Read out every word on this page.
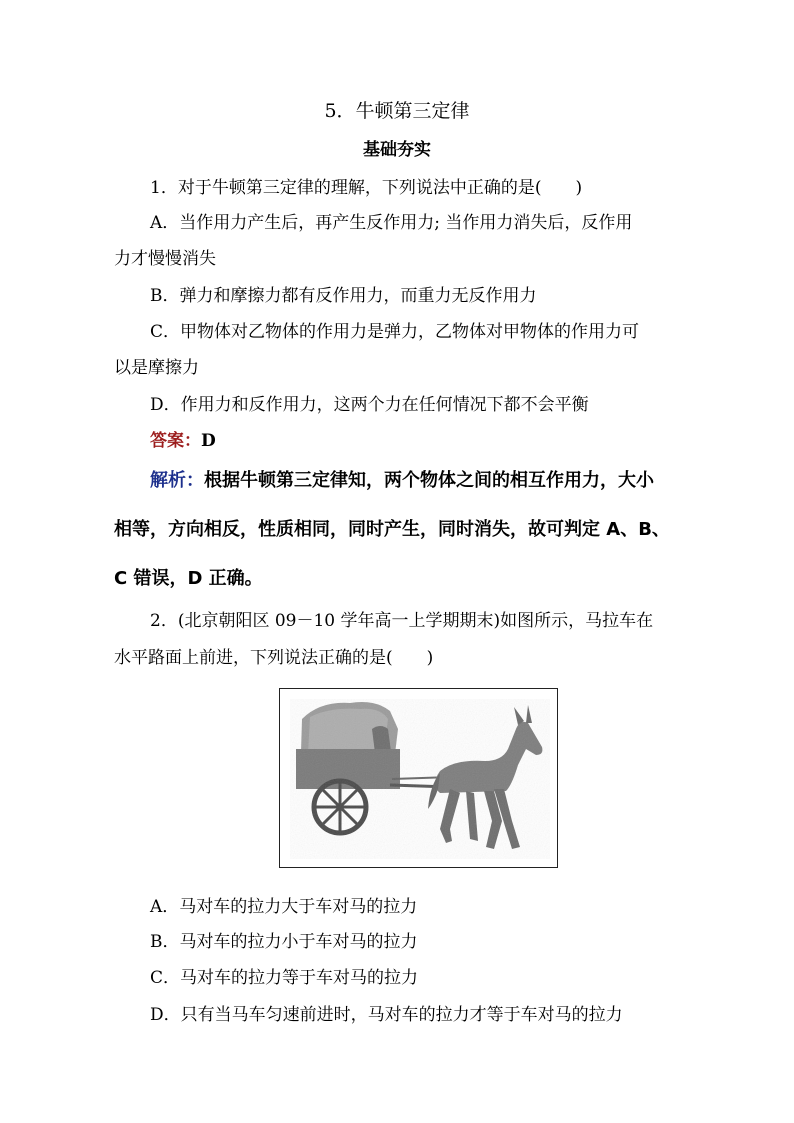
5．牛顿第三定律
基础夯实
1．对于牛顿第三定律的理解，下列说法中正确的是(　　)
A．当作用力产生后，再产生反作用力; 当作用力消失后，反作用
力才慢慢消失
B．弹力和摩擦力都有反作用力，而重力无反作用力
C．甲物体对乙物体的作用力是弹力，乙物体对甲物体的作用力可
以是摩擦力
D．作用力和反作用力，这两个力在任何情况下都不会平衡
答案：D
解析：根据牛顿第三定律知，两个物体之间的相互作用力，大小
相等，方向相反，性质相同，同时产生，同时消失，故可判定 A、B、
C 错误，D 正确。
2．(北京朝阳区 09－10 学年高一上学期期末)如图所示，马拉车在
水平路面上前进，下列说法正确的是(　　)
A．马对车的拉力大于车对马的拉力
B．马对车的拉力小于车对马的拉力
C．马对车的拉力等于车对马的拉力
D．只有当马车匀速前进时，马对车的拉力才等于车对马的拉力
